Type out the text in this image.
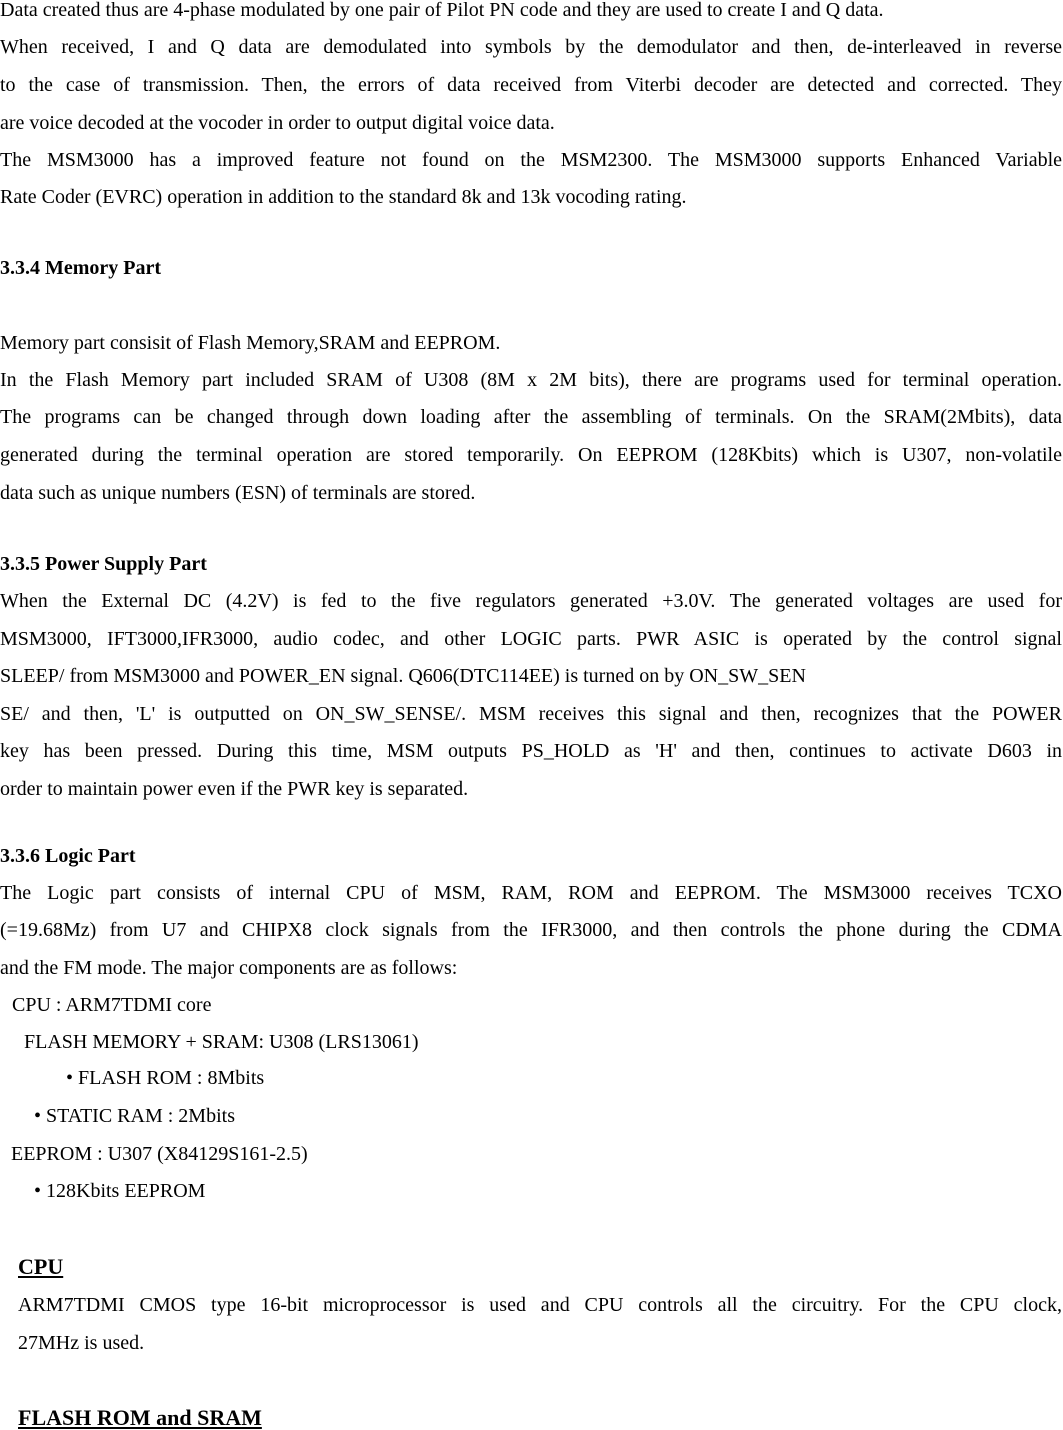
Data created thus are 4-phase modulated by one pair of Pilot PN code and they are used to create I and Q data.
When received, I and Q data are demodulated into symbols by the demodulator and then, de-interleaved in reverse
to the case of transmission. Then, the errors of data received from Viterbi decoder are detected and corrected. They
are voice decoded at the vocoder in order to output digital voice data.
The MSM3000 has a improved feature not found on the MSM2300. The MSM3000 supports Enhanced Variable
Rate Coder (EVRC) operation in addition to the standard 8k and 13k vocoding rating.
3.3.4 Memory Part
Memory part consisit of Flash Memory,SRAM and EEPROM.
In the Flash Memory part included SRAM of U308 (8M x 2M bits), there are programs used for terminal operation.
The programs can be changed through down loading after the assembling of terminals. On the SRAM(2Mbits), data
generated during the terminal operation are stored temporarily. On EEPROM (128Kbits) which is U307, non-volatile
data such as unique numbers (ESN) of terminals are stored.
3.3.5 Power Supply Part
When the External DC (4.2V) is fed to the five regulators generated +3.0V. The generated voltages are used for
MSM3000, IFT3000,IFR3000, audio codec, and other LOGIC parts. PWR ASIC is operated by the control signal
SLEEP/ from MSM3000 and POWER_EN signal. Q606(DTC114EE) is turned on by ON_SW_SEN
SE/ and then, 'L' is outputted on ON_SW_SENSE/. MSM receives this signal and then, recognizes that the POWER
key has been pressed. During this time, MSM outputs PS_HOLD as 'H' and then, continues to activate D603 in
order to maintain power even if the PWR key is separated.
3.3.6 Logic Part
The Logic part consists of internal CPU of MSM, RAM, ROM and EEPROM. The MSM3000 receives TCXO
(=19.68Mz) from U7 and CHIPX8 clock signals from the IFR3000, and then controls the phone during the CDMA
and the FM mode. The major components are as follows:
CPU : ARM7TDMI core
FLASH MEMORY + SRAM: U308 (LRS13061)
• FLASH ROM : 8Mbits
• STATIC RAM : 2Mbits
EEPROM : U307 (X84129S161-2.5)
• 128Kbits EEPROM
CPU
ARM7TDMI CMOS type 16-bit microprocessor is used and CPU controls all the circuitry. For the CPU clock,
27MHz is used.
FLASH ROM and SRAM
